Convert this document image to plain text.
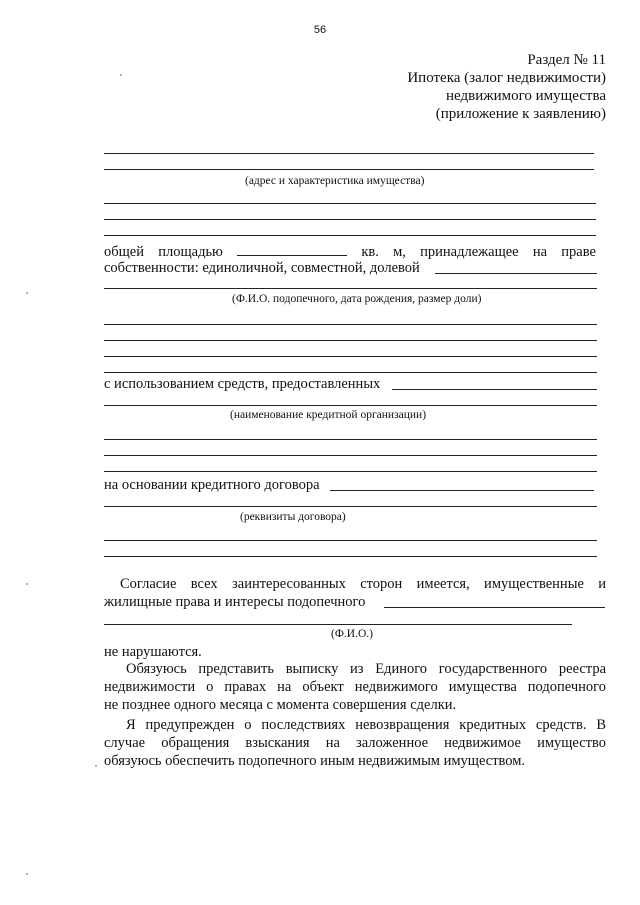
56
Раздел № 11
Ипотека (залог недвижимости)
недвижимого имущества
(приложение к заявлению)
(адрес и характеристика имущества)
общей площадью	кв. м, принадлежащее на праве
собственности: единоличной, совместной, долевой
(Ф.И.О. подопечного, дата рождения, размер доли)
с использованием средств, предоставленных
(наименование кредитной организации)
на основании кредитного договора
(реквизиты договора)
Согласие всех заинтересованных сторон имеется, имущественные и
жилищные права и интересы подопечного
(Ф.И.О.)
не нарушаются.
Обязуюсь представить выписку из Единого государственного реестра
недвижимости о правах на объект недвижимого имущества подопечного
не позднее одного месяца с момента совершения сделки.
Я предупрежден о последствиях невозвращения кредитных средств. В
случае обращения взыскания на заложенное недвижимое имущество
обязуюсь обеспечить подопечного иным недвижимым имуществом.
